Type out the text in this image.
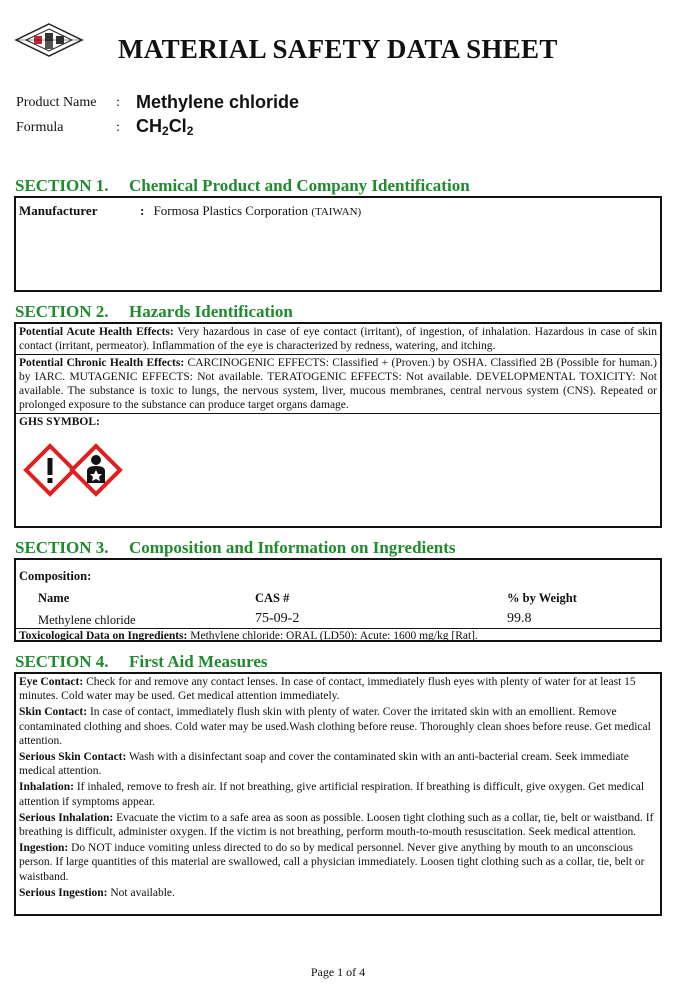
MATERIAL SAFETY DATA SHEET
Product Name : Methylene chloride
Formula	: $CH_2Cl_2$
SECTION 1. Chemical Product and Company Identification
Manufacturer	: Formosa Plastics Corporation (TAIWAN)
SECTION 2. Hazards Identification
Potential Acute Health Effects: Very hazardous in case of eye contact (irritant), of ingestion, of inhalation. Hazardous in case of skin contact (irritant, permeator). Inflammation of the eye is characterized by redness, watering, and itching.
Potential Chronic Health Effects: CARCINOGENIC EFFECTS: Classified + (Proven.) by OSHA. Classified 2B (Possible for human.) by IARC. MUTAGENIC EFFECTS: Not available. TERATOGENIC EFFECTS: Not available. DEVELOPMENTAL TOXICITY: Not available. The substance is toxic to lungs, the nervous system, liver, mucous membranes, central nervous system (CNS). Repeated or prolonged exposure to the substance can produce target organs damage.
GHS SYMBOL:
SECTION 3. Composition and Information on Ingredients
Composition:
Name	CAS #	% by Weight
Methylene chloride	75-09-2	99.8
Toxicological Data on Ingredients: Methylene chloride: ORAL (LD50): Acute: 1600 mg/kg [Rat].
SECTION 4. First Aid Measures
Eye Contact: Check for and remove any contact lenses. In case of contact, immediately flush eyes with plenty of water for at least 15 minutes. Cold water may be used. Get medical attention immediately.
Skin Contact: In case of contact, immediately flush skin with plenty of water. Cover the irritated skin with an emollient. Remove contaminated clothing and shoes. Cold water may be used.Wash clothing before reuse. Thoroughly clean shoes before reuse. Get medical attention.
Serious Skin Contact: Wash with a disinfectant soap and cover the contaminated skin with an anti-bacterial cream. Seek immediate medical attention.
Inhalation: If inhaled, remove to fresh air. If not breathing, give artificial respiration. If breathing is difficult, give oxygen. Get medical attention if symptoms appear.
Serious Inhalation: Evacuate the victim to a safe area as soon as possible. Loosen tight clothing such as a collar, tie, belt or waistband. If breathing is difficult, administer oxygen. If the victim is not breathing, perform mouth-to-mouth resuscitation. Seek medical attention.
Ingestion: Do NOT induce vomiting unless directed to do so by medical personnel. Never give anything by mouth to an unconscious person. If large quantities of this material are swallowed, call a physician immediately. Loosen tight clothing such as a collar, tie, belt or waistband.
Serious Ingestion: Not available.
Page 1 of 4
